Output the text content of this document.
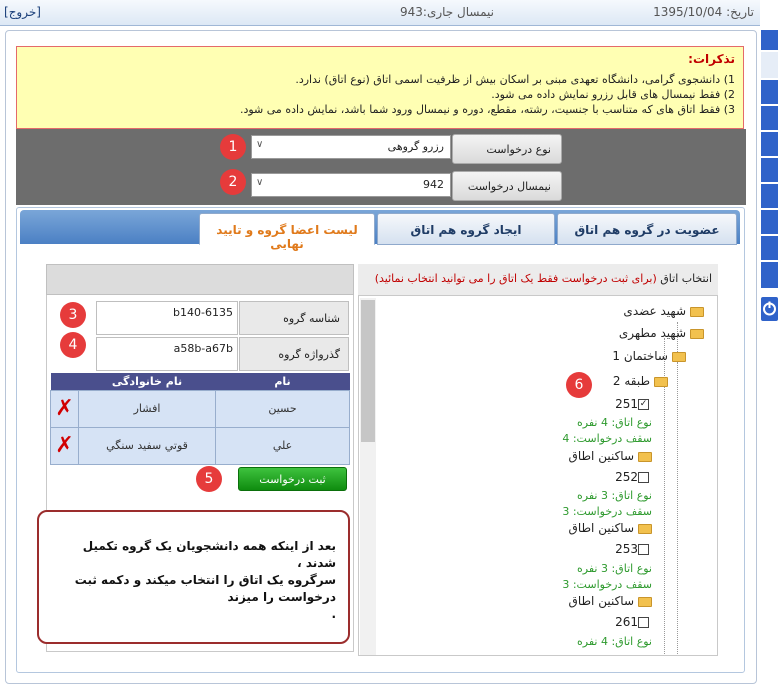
[خروج]	نیمسال جاری:943	تاریخ: 1395/10/04
تذکرات:
1) دانشجوی گرامی، دانشگاه تعهدی مبنی بر اسکان بیش از ظرفیت اسمی اتاق (نوع اتاق) ندارد.
2) فقط نیمسال های قابل رزرو نمایش داده می شود.
3) فقط اتاق های که متناسب با جنسیت، رشته، مقطع، دوره و نیمسال ورود شما باشد، نمایش داده می شود.
نوع درخواست
رزرو گروهی
∨
نیمسال درخواست
942
∨
1
2
عضویت در گروه هم اتاق
ایجاد گروه هم اتاق
لیست اعضا گروه و تایید نهایی
شناسه گروه
b140-6135
گذرواژه گروه
a58b-a67b
3
4
	نام خانوادگی	نام
✗	افشار	حسين
✗	قوتي سفيد سنگي	علي
5	ثبت درخواست
بعد از اینکه همه دانشجویان یک گروه تکمیل شدند ،
سرگروه یک اتاق را انتخاب میکند و دکمه ثبت
درخواست را میزند
.
انتخاب اتاق (برای ثبت درخواست فقط یک اتاق را می توانید انتخاب نمائید)
شهید عضدی
شهید مطهری
ساختمان 1
طبقه 2
✓251
نوع اتاق: 4 نفره
سقف درخواست: 4
ساکنین اطاق
252
نوع اتاق: 3 نفره
سقف درخواست: 3
ساکنین اطاق
253
نوع اتاق: 3 نفره
سقف درخواست: 3
ساکنین اطاق
261
نوع اتاق: 4 نفره
6
